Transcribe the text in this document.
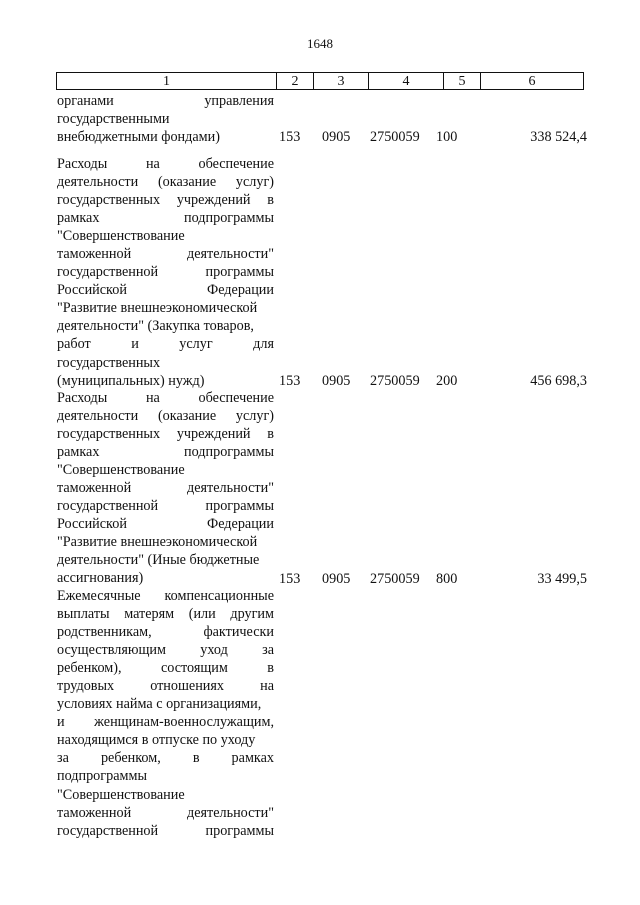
1648
1	2	3	4	5	6
органами	управления
государственными
внебюджетными фондами)	153	0905	2750059	100	338 524,4
Расходы	на	обеспечение
деятельности (оказание услуг)
государственных учреждений в
рамках	подпрограммы
"Совершенствование
таможенной	деятельности"
государственной	программы
Российской	Федерации
"Развитие внешнеэкономической
деятельности" (Закупка товаров,
работ	и	услуг	для
государственных
(муниципальных) нужд)	153	0905	2750059	200	456 698,3
Расходы	на	обеспечение
деятельности (оказание услуг)
государственных учреждений в
рамках	подпрограммы
"Совершенствование
таможенной	деятельности"
государственной	программы
Российской	Федерации
"Развитие внешнеэкономической
деятельности" (Иные бюджетные
ассигнования)	153	0905	2750059	800	33 499,5
Ежемесячные компенсационные
выплаты матерям (или другим
родственникам,	фактически
осуществляющим уход за
ребенком),	состоящим	в
трудовых	отношениях	на
условиях найма с организациями,
и женщинам-военнослужащим,
находящимся в отпуске по уходу
за ребенком, в рамках
подпрограммы
"Совершенствование
таможенной	деятельности"
государственной	программы
